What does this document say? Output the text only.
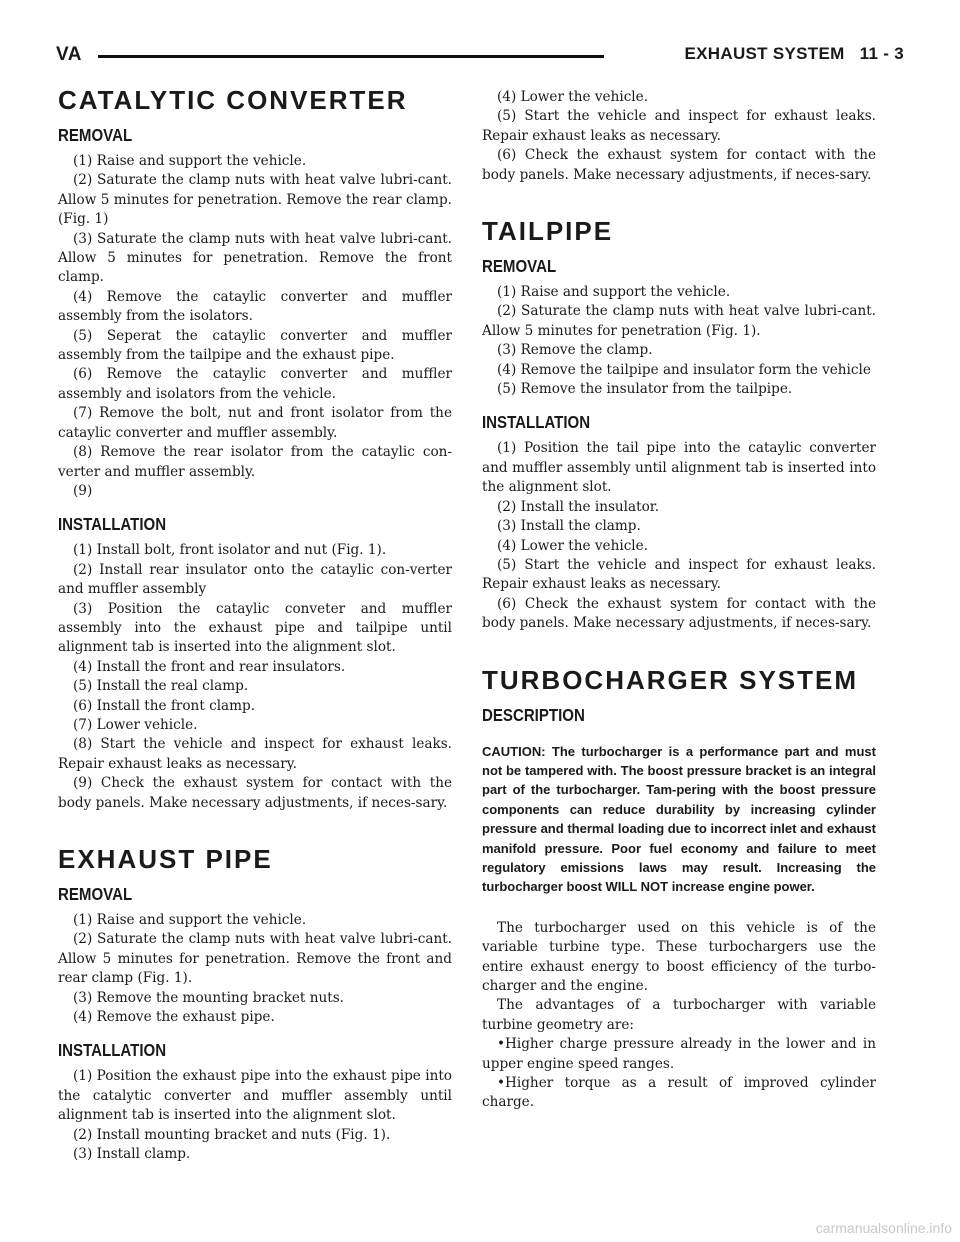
VA	EXHAUST SYSTEM   11 - 3
CATALYTIC CONVERTER
REMOVAL

(1) Raise and support the vehicle.

(2) Saturate the clamp nuts with heat valve lubri-cant. Allow 5 minutes for penetration. Remove the rear clamp. (Fig. 1)

(3) Saturate the clamp nuts with heat valve lubri-cant. Allow 5 minutes for penetration. Remove the front clamp.

(4) Remove the cataylic converter and muffler assembly from the isolators.

(5) Seperat the cataylic converter and muffler assembly from the tailpipe and the exhaust pipe.

(6) Remove the cataylic converter and muffler assembly and isolators from the vehicle.

(7) Remove the bolt, nut and front isolator from the cataylic converter and muffler assembly.

(8) Remove the rear isolator from the cataylic con-verter and muffler assembly.

(9)

INSTALLATION

(1) Install bolt, front isolator and nut (Fig. 1).

(2) Install rear insulator onto the cataylic con-verter and muffler assembly

(3) Position the cataylic conveter and muffler assembly into the exhaust pipe and tailpipe until alignment tab is inserted into the alignment slot.

(4) Install the front and rear insulators.

(5) Install the real clamp.

(6) Install the front clamp.

(7) Lower vehicle.

(8) Start the vehicle and inspect for exhaust leaks. Repair exhaust leaks as necessary.

(9) Check the exhaust system for contact with the body panels. Make necessary adjustments, if neces-sary.

EXHAUST PIPE
REMOVAL

(1) Raise and support the vehicle.

(2) Saturate the clamp nuts with heat valve lubri-cant. Allow 5 minutes for penetration. Remove the front and rear clamp (Fig. 1).

(3) Remove the mounting bracket nuts.

(4) Remove the exhaust pipe.

INSTALLATION

(1) Position the exhaust pipe into the exhaust pipe into the catalytic converter and muffler assembly until alignment tab is inserted into the alignment slot.

(2) Install mounting bracket and nuts (Fig. 1).

(3) Install clamp.

(4) Lower the vehicle.

(5) Start the vehicle and inspect for exhaust leaks. Repair exhaust leaks as necessary.

(6) Check the exhaust system for contact with the body panels. Make necessary adjustments, if neces-sary.

TAILPIPE
REMOVAL

(1) Raise and support the vehicle.

(2) Saturate the clamp nuts with heat valve lubri-cant. Allow 5 minutes for penetration (Fig. 1).

(3) Remove the clamp.

(4) Remove the tailpipe and insulator form the vehicle

(5) Remove the insulator from the tailpipe.

INSTALLATION

(1) Position the tail pipe into the cataylic converter and muffler assembly until alignment tab is inserted into the alignment slot.

(2) Install the insulator.

(3) Install the clamp.

(4) Lower the vehicle.

(5) Start the vehicle and inspect for exhaust leaks. Repair exhaust leaks as necessary.

(6) Check the exhaust system for contact with the body panels. Make necessary adjustments, if neces-sary.

TURBOCHARGER SYSTEM
DESCRIPTION

CAUTION: The turbocharger is a performance part and must not be tampered with. The boost pressure bracket is an integral part of the turbocharger. Tam-pering with the boost pressure components can reduce durability by increasing cylinder pressure and thermal loading due to incorrect inlet and exhaust manifold pressure. Poor fuel economy and failure to meet regulatory emissions laws may result. Increasing the turbocharger boost WILL NOT increase engine power.

The turbocharger used on this vehicle is of the variable turbine type. These turbochargers use the entire exhaust energy to boost efficiency of the turbo-charger and the engine.

The advantages of a turbocharger with variable turbine geometry are:

•Higher charge pressure already in the lower and in upper engine speed ranges.

•Higher torque as a result of improved cylinder charge.

carmanualsonline.info
